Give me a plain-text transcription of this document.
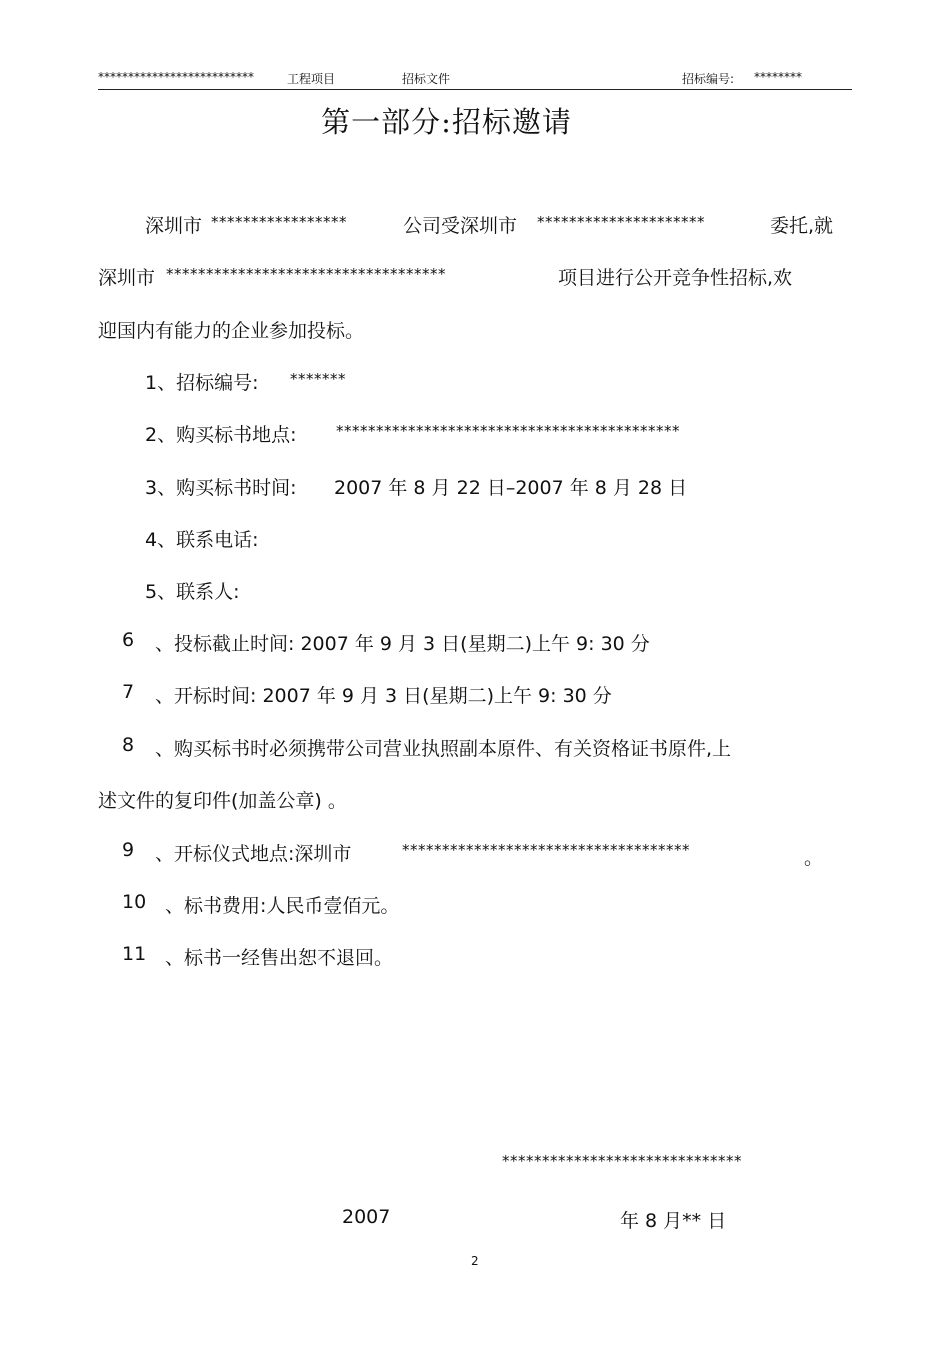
**************************	工程项目	招标文件	招标编号: ********
第一部分:招标邀请
深圳市 *****************	公司受深圳市 *********************	委托,就
深圳市 ***********************************	项目进行公开竞争性招标,欢
迎国内有能力的企业参加投标。
1、招标编号: *******
2、购买标书地点:	*******************************************
3、购买标书时间: 2007 年 8 月 22 日–2007 年 8 月 28 日
4、联系电话:
5、联系人:
6 、投标截止时间: 2007 年 9 月 3 日(星期二)上午 9: 30 分
7 、开标时间: 2007 年 9 月 3 日(星期二)上午 9: 30 分
8 、购买标书时必须携带公司营业执照副本原件、有关资格证书原件,上
述文件的复印件(加盖公章) 。
9 、开标仪式地点:深圳市	************************************	。
10 、标书费用:人民币壹佰元。
11 、标书一经售出恕不退回。
******************************
2007	年 8 月** 日
2
